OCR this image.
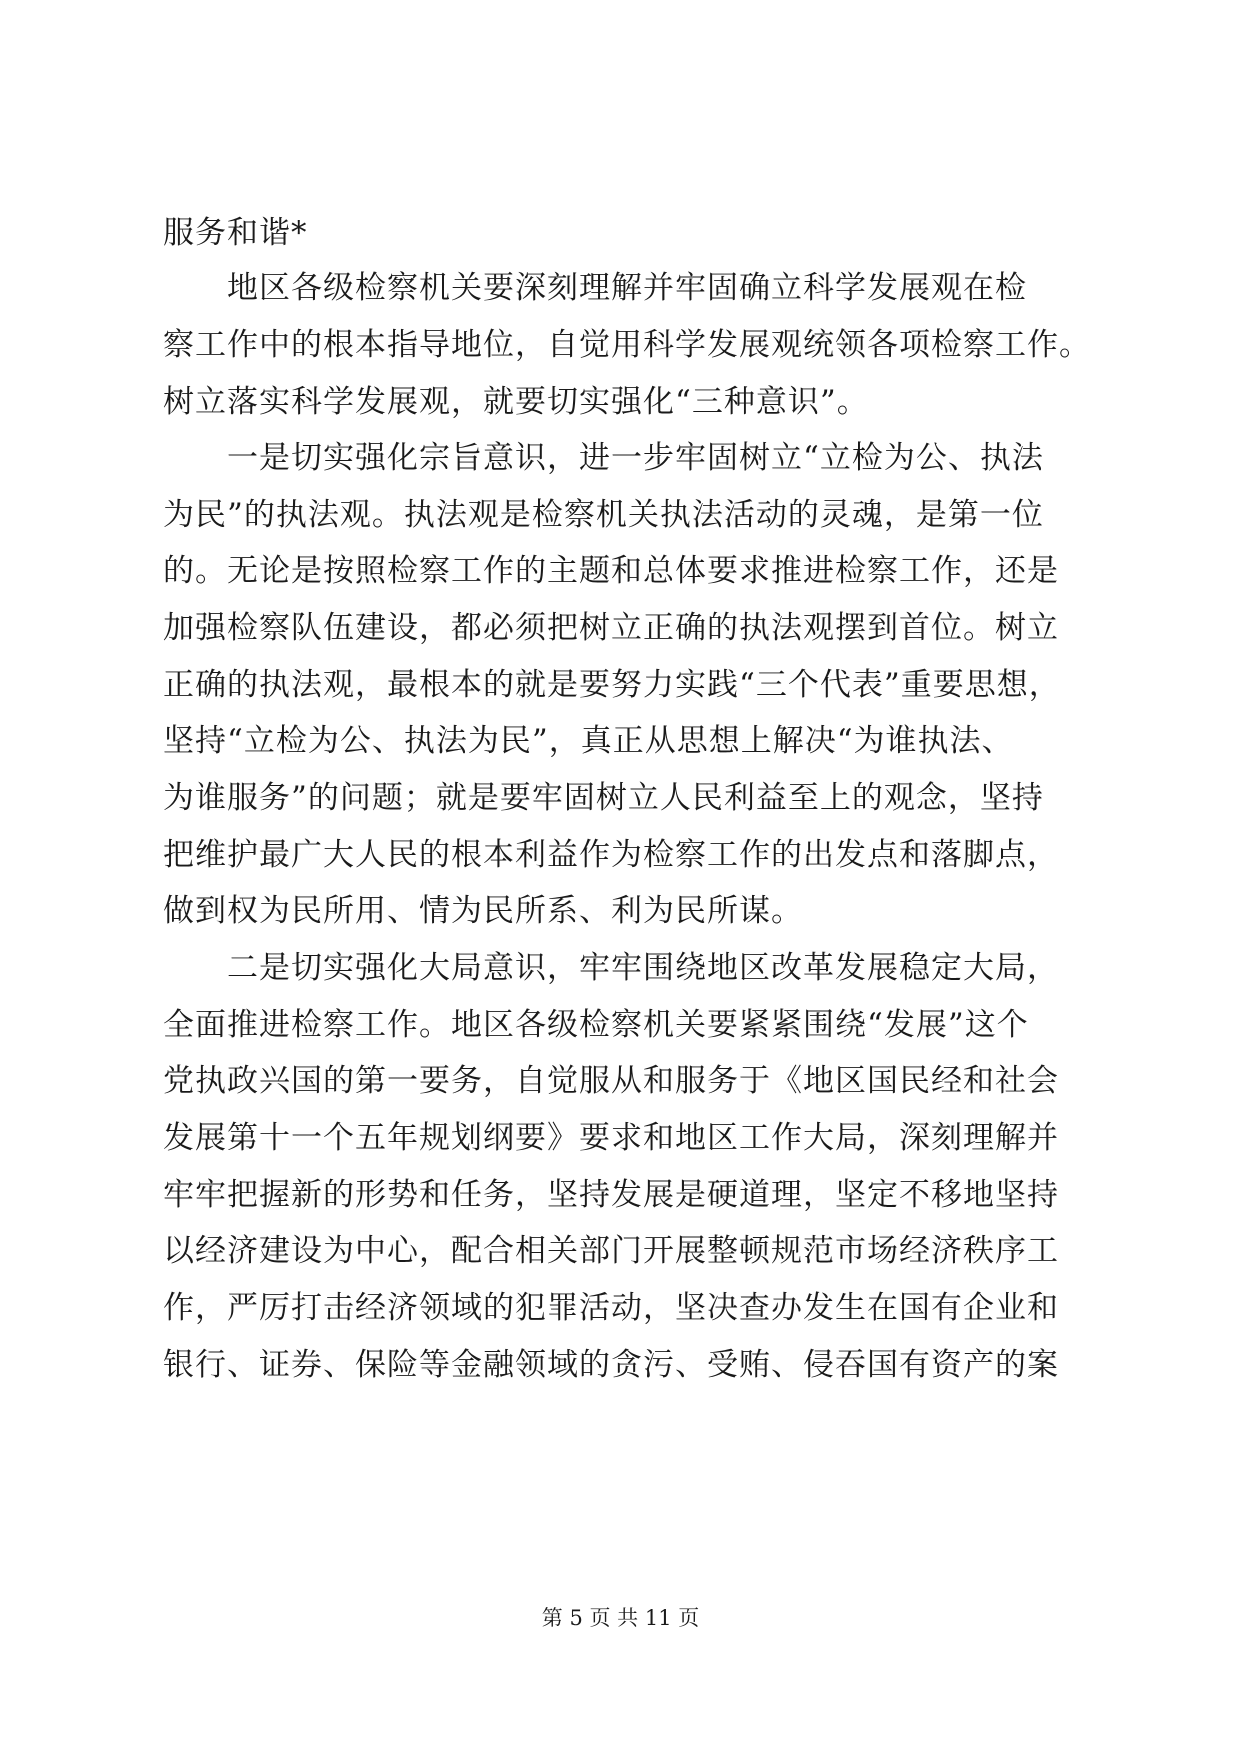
服务和谐*
　　地区各级检察机关要深刻理解并牢固确立科学发展观在检
察工作中的根本指导地位，自觉用科学发展观统领各项检察工作。
树立落实科学发展观，就要切实强化“三种意识”。
　　一是切实强化宗旨意识，进一步牢固树立“立检为公、执法
为民”的执法观。执法观是检察机关执法活动的灵魂，是第一位
的。无论是按照检察工作的主题和总体要求推进检察工作，还是
加强检察队伍建设，都必须把树立正确的执法观摆到首位。树立
正确的执法观，最根本的就是要努力实践“三个代表”重要思想，
坚持“立检为公、执法为民”，真正从思想上解决“为谁执法、
为谁服务”的问题；就是要牢固树立人民利益至上的观念，坚持
把维护最广大人民的根本利益作为检察工作的出发点和落脚点，
做到权为民所用、情为民所系、利为民所谋。
　　二是切实强化大局意识，牢牢围绕地区改革发展稳定大局，
全面推进检察工作。地区各级检察机关要紧紧围绕“发展”这个
党执政兴国的第一要务，自觉服从和服务于《地区国民经和社会
发展第十一个五年规划纲要》要求和地区工作大局，深刻理解并
牢牢把握新的形势和任务，坚持发展是硬道理，坚定不移地坚持
以经济建设为中心，配合相关部门开展整顿规范市场经济秩序工
作，严厉打击经济领域的犯罪活动，坚决查办发生在国有企业和
银行、证券、保险等金融领域的贪污、受贿、侵吞国有资产的案
第 5 页 共 11 页
